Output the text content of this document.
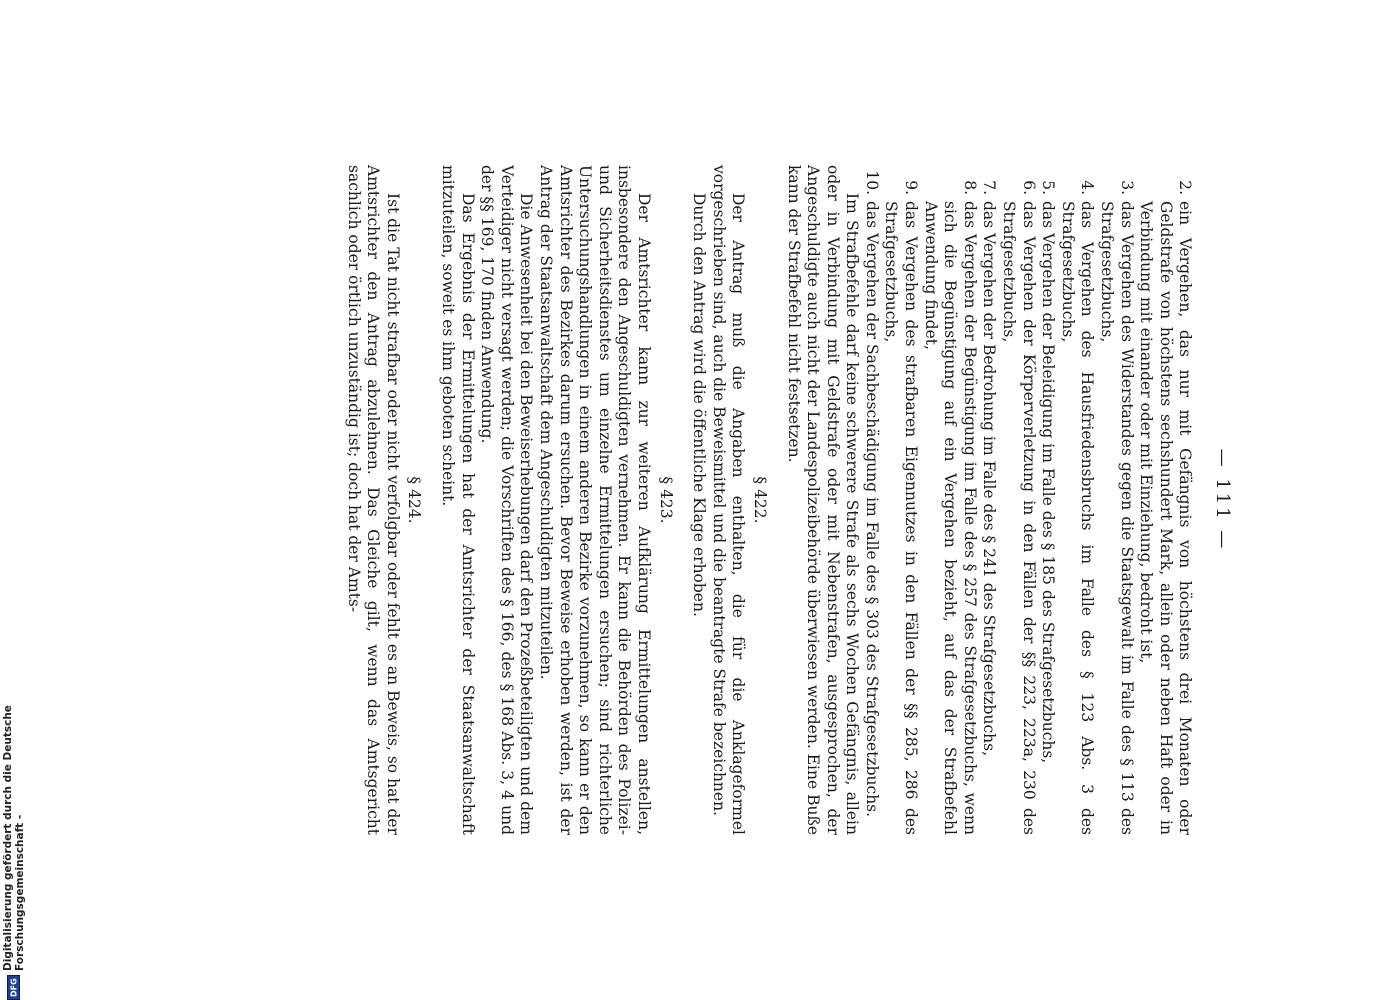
— 111 —
2.
ein Vergehen, das nur mit Gefängnis von höchstens drei Monaten oder Geldstrafe von höchstens sechshundert Mark, allein oder neben Haft oder in Verbindung mit einander oder mit Einziehung, bedroht ist,
3.
das Vergehen des Widerstandes gegen die Staatsgewalt im Falle des § 113 des Strafgesetzbuchs,
4.
das Vergehen des Hausfriedensbruchs im Falle des § 123 Abs. 3 des Strafgesetzbuchs,
5.
das Vergehen der Beleidigung im Falle des § 185 des Strafgesetzbuchs,
6.
das Vergehen der Körperverletzung in den Fällen der §§ 223, 223a, 230 des Strafgesetzbuchs,
7.
das Vergehen der Bedrohung im Falle des § 241 des Strafgesetzbuchs,
8.
das Vergehen der Begünstigung im Falle des § 257 des Strafgesetzbuchs, wenn sich die Begünstigung auf ein Vergehen bezieht, auf das der Strafbefehl Anwendung findet,
9.
das Vergehen des strafbaren Eigennutzes in den Fällen der §§ 285, 286 des Strafgesetzbuchs,
10.
das Vergehen der Sachbeschädigung im Falle des § 303 des Strafgesetzbuchs.

Im Strafbefehle darf keine schwerere Strafe als sechs Wochen Gefängnis, allein oder in Verbindung mit Geldstrafe oder mit Nebenstrafen, ausgesprochen, der Angeschuldigte auch nicht der Landespolizeibehörde überwiesen werden. Eine Buße kann der Strafbefehl nicht festsetzen.

§ 422.

Der Antrag muß die Angaben enthalten, die für die Anklageformel vorgeschrieben sind, auch die Beweismittel und die beantragte Strafe bezeichnen.

Durch den Antrag wird die öffentliche Klage erhoben.

§ 423.

Der Amtsrichter kann zur weiteren Aufklärung Ermittelungen anstellen, insbesondere den Angeschuldigten vernehmen. Er kann die Behörden des Polizei- und Sicherheitsdienstes um einzelne Ermittelungen ersuchen; sind richterliche Untersuchungshandlungen in einem anderen Bezirke vorzunehmen, so kann er den Amtsrichter des Bezirkes darum ersuchen. Bevor Beweise erhoben werden, ist der Antrag der Staatsanwaltschaft dem Angeschuldigten mitzuteilen.

Die Anwesenheit bei den Beweiserhebungen darf den Prozeßbeteiligten und dem Verteidiger nicht versagt werden; die Vorschriften des § 166, des § 168 Abs. 3, 4 und der §§ 169, 170 finden Anwendung.

Das Ergebnis der Ermittelungen hat der Amtsrichter der Staatsanwaltschaft mitzuteilen, soweit es ihm geboten scheint.

§ 424.

Ist die Tat nicht strafbar oder nicht verfolgbar oder fehlt es an Beweis, so hat der Amtsrichter den Antrag abzulehnen. Das Gleiche gilt, wenn das Amtsgericht sachlich oder örtlich unzuständig ist; doch hat der Amts-

DFG
Digitalisierung gefördert durch die Deutsche Forschungsgemeinschaft -
